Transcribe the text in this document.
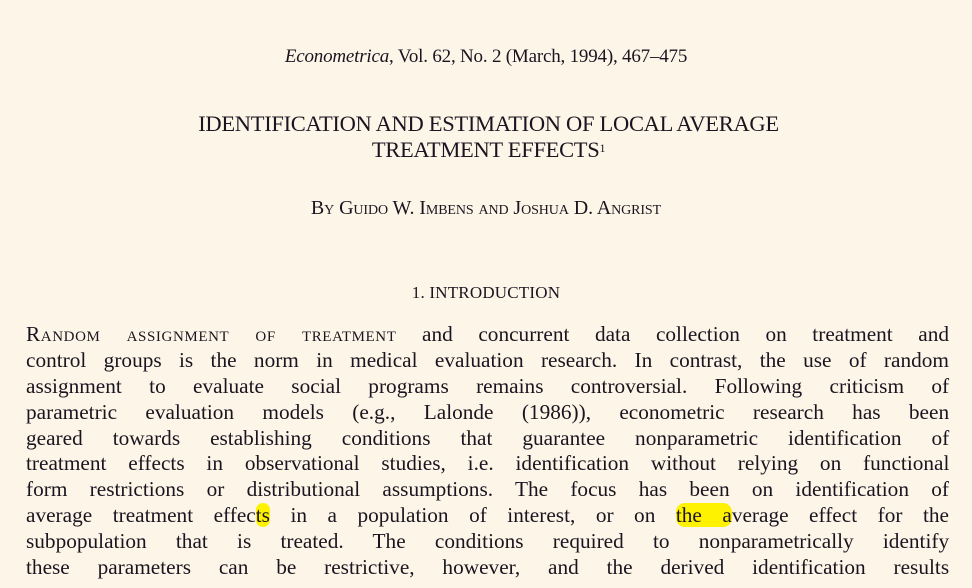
Econometrica, Vol. 62, No. 2 (March, 1994), 467–475
IDENTIFICATION AND ESTIMATION OF LOCAL AVERAGE
TREATMENT EFFECTS$^1$
By Guido W. Imbens and Joshua D. Angrist
1. INTRODUCTION
Random assignment of treatment and concurrent data collection on treatment and
control groups is the norm in medical evaluation research. In contrast, the use of random
assignment to evaluate social programs remains controversial. Following criticism of
parametric evaluation models (e.g., Lalonde (1986)), econometric research has been
geared towards establishing conditions that guarantee nonparametric identification of
treatment effects in observational studies, i.e. identification without relying on functional
form restrictions or distributional assumptions. The focus has been on identification of
average treatment effects in a population of interest, or on the average effect for the
subpopulation that is treated. The conditions required to nonparametrically identify
these parameters can be restrictive, however, and the derived identification results
